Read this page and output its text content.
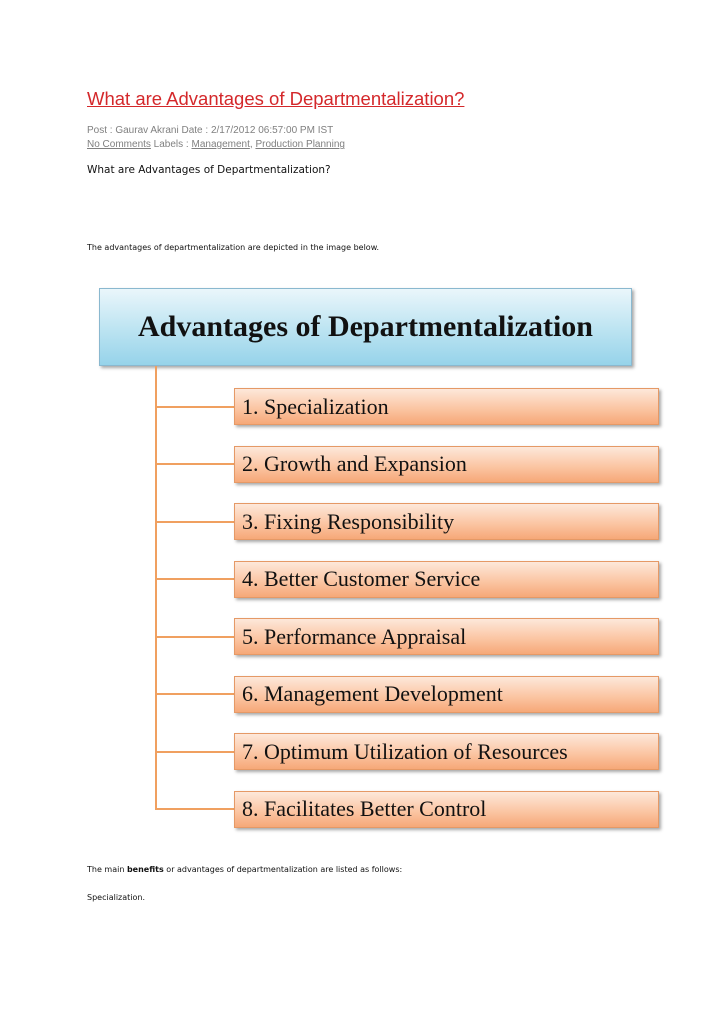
What are Advantages of Departmentalization?
Post : Gaurav Akrani Date : 2/17/2012 06:57:00 PM IST
No Comments Labels : Management, Production Planning
What are Advantages of Departmentalization?
The advantages of departmentalization are depicted in the image below.
Advantages of Departmentalization
1. Specialization
2. Growth and Expansion
3. Fixing Responsibility
4. Better Customer Service
5. Performance Appraisal
6. Management Development
7. Optimum Utilization of Resources
8. Facilitates Better Control
The main benefits or advantages of departmentalization are listed as follows:
Specialization.
